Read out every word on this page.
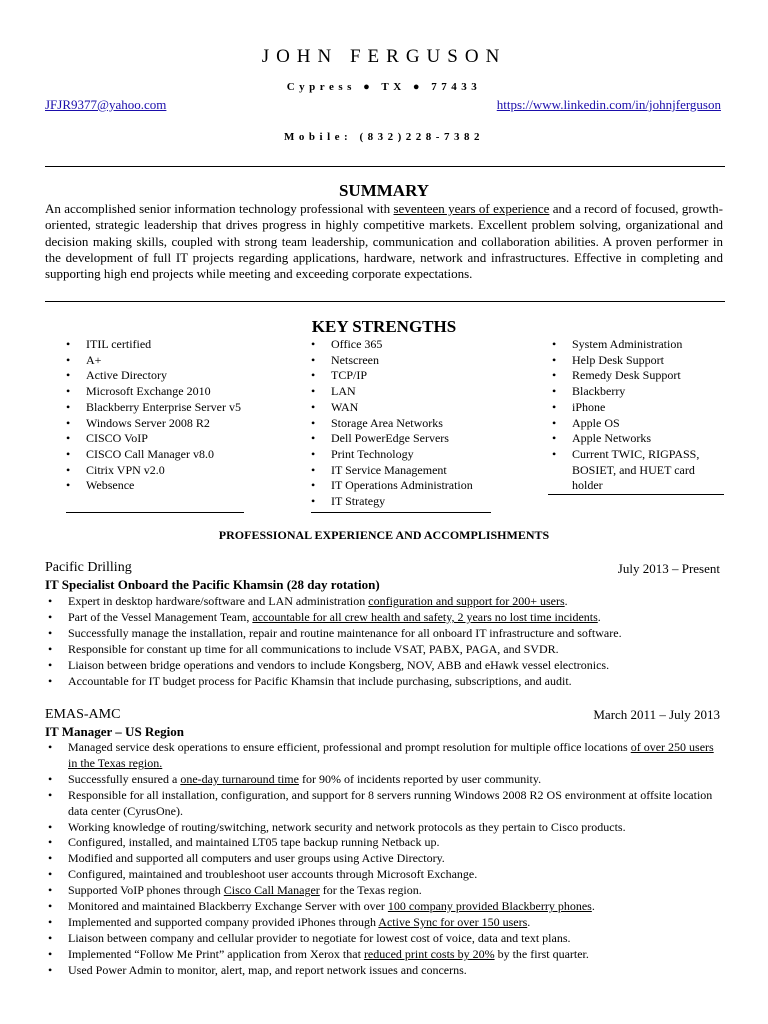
JOHN FERGUSON
Cypress ● TX ● 77433
JFJR9377@yahoo.com	https://www.linkedin.com/in/johnjferguson
Mobile: (832)228-7382
SUMMARY
An accomplished senior information technology professional with seventeen years of experience and a record of focused, growth-oriented, strategic leadership that drives progress in highly competitive markets. Excellent problem solving, organizational and decision making skills, coupled with strong team leadership, communication and collaboration abilities. A proven performer in the development of full IT projects regarding applications, hardware, network and infrastructures. Effective in completing and supporting high end projects while meeting and exceeding corporate expectations.
KEY STRENGTHS
• ITIL certified
• A+
• Active Directory
• Microsoft Exchange 2010
• Blackberry Enterprise Server v5
• Windows Server 2008 R2
• CISCO VoIP
• CISCO Call Manager v8.0
• Citrix VPN v2.0
• Websence
• Office 365
• Netscreen
• TCP/IP
• LAN
• WAN
• Storage Area Networks
• Dell PowerEdge Servers
• Print Technology
• IT Service Management
• IT Operations Administration
• IT Strategy
• System Administration
• Help Desk Support
• Remedy Desk Support
• Blackberry
• iPhone
• Apple OS
• Apple Networks
• Current TWIC, RIGPASS, BOSIET, and HUET card holder
PROFESSIONAL EXPERIENCE AND ACCOMPLISHMENTS
Pacific Drilling	July 2013 – Present
IT Specialist Onboard the Pacific Khamsin (28 day rotation)
• Expert in desktop hardware/software and LAN administration configuration and support for 200+ users.
• Part of the Vessel Management Team, accountable for all crew health and safety, 2 years no lost time incidents.
• Successfully manage the installation, repair and routine maintenance for all onboard IT infrastructure and software.
• Responsible for constant up time for all communications to include VSAT, PABX, PAGA, and SVDR.
• Liaison between bridge operations and vendors to include Kongsberg, NOV, ABB and eHawk vessel electronics.
• Accountable for IT budget process for Pacific Khamsin that include purchasing, subscriptions, and audit.
EMAS-AMC	March 2011 – July 2013
IT Manager – US Region
• Managed service desk operations to ensure efficient, professional and prompt resolution for multiple office locations of over 250 users in the Texas region.
• Successfully ensured a one-day turnaround time for 90% of incidents reported by user community.
• Responsible for all installation, configuration, and support for 8 servers running Windows 2008 R2 OS environment at offsite location data center (CyrusOne).
• Working knowledge of routing/switching, network security and network protocols as they pertain to Cisco products.
• Configured, installed, and maintained LT05 tape backup running Netback up.
• Modified and supported all computers and user groups using Active Directory.
• Configured, maintained and troubleshoot user accounts through Microsoft Exchange.
• Supported VoIP phones through Cisco Call Manager for the Texas region.
• Monitored and maintained Blackberry Exchange Server with over 100 company provided Blackberry phones.
• Implemented and supported company provided iPhones through Active Sync for over 150 users.
• Liaison between company and cellular provider to negotiate for lowest cost of voice, data and text plans.
• Implemented “Follow Me Print” application from Xerox that reduced print costs by 20% by the first quarter.
• Used Power Admin to monitor, alert, map, and report network issues and concerns.
